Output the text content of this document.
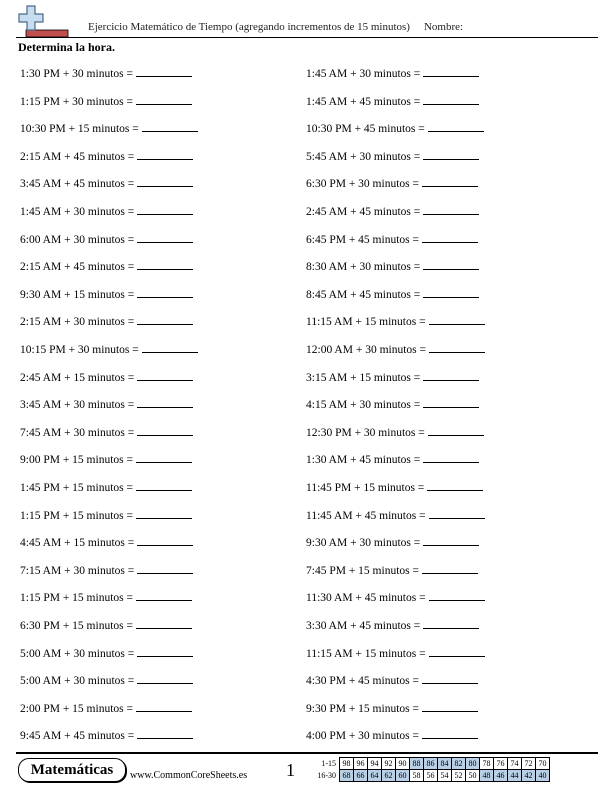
Ejercicio Matemático de Tiempo (agregando incrementos de 15 minutos) Nombre:
Determina la hora.
1:30 PM + 30 minutos =
1:15 PM + 30 minutos =
10:30 PM + 15 minutos =
2:15 AM + 45 minutos =
3:45 AM + 45 minutos =
1:45 AM + 30 minutos =
6:00 AM + 30 minutos =
2:15 AM + 45 minutos =
9:30 AM + 15 minutos =
2:15 AM + 30 minutos =
10:15 PM + 30 minutos =
2:45 AM + 15 minutos =
3:45 AM + 30 minutos =
7:45 AM + 30 minutos =
9:00 PM + 15 minutos =
1:45 PM + 15 minutos =
1:15 PM + 15 minutos =
4:45 AM + 15 minutos =
7:15 AM + 30 minutos =
1:15 PM + 15 minutos =
6:30 PM + 15 minutos =
5:00 AM + 30 minutos =
5:00 AM + 30 minutos =
2:00 PM + 15 minutos =
9:45 AM + 45 minutos =
1:45 AM + 30 minutos =
1:45 AM + 45 minutos =
10:30 PM + 45 minutos =
5:45 AM + 30 minutos =
6:30 PM + 30 minutos =
2:45 AM + 45 minutos =
6:45 PM + 45 minutos =
8:30 AM + 30 minutos =
8:45 AM + 45 minutos =
11:15 AM + 15 minutos =
12:00 AM + 30 minutos =
3:15 AM + 15 minutos =
4:15 AM + 30 minutos =
12:30 PM + 30 minutos =
1:30 AM + 45 minutos =
11:45 PM + 15 minutos =
11:45 AM + 45 minutos =
9:30 AM + 30 minutos =
7:45 PM + 15 minutos =
11:30 AM + 45 minutos =
3:30 AM + 45 minutos =
11:15 AM + 15 minutos =
4:30 PM + 45 minutos =
9:30 PM + 15 minutos =
4:00 PM + 30 minutos =
Matemáticas	www.CommonCoreSheets.es 1	1-15	98	96	94	92	90	88	86	84	82	80	78	76	74	72	70
16-30	68	66	64	62	60	58	56	54	52	50	48	46	44	42	40
